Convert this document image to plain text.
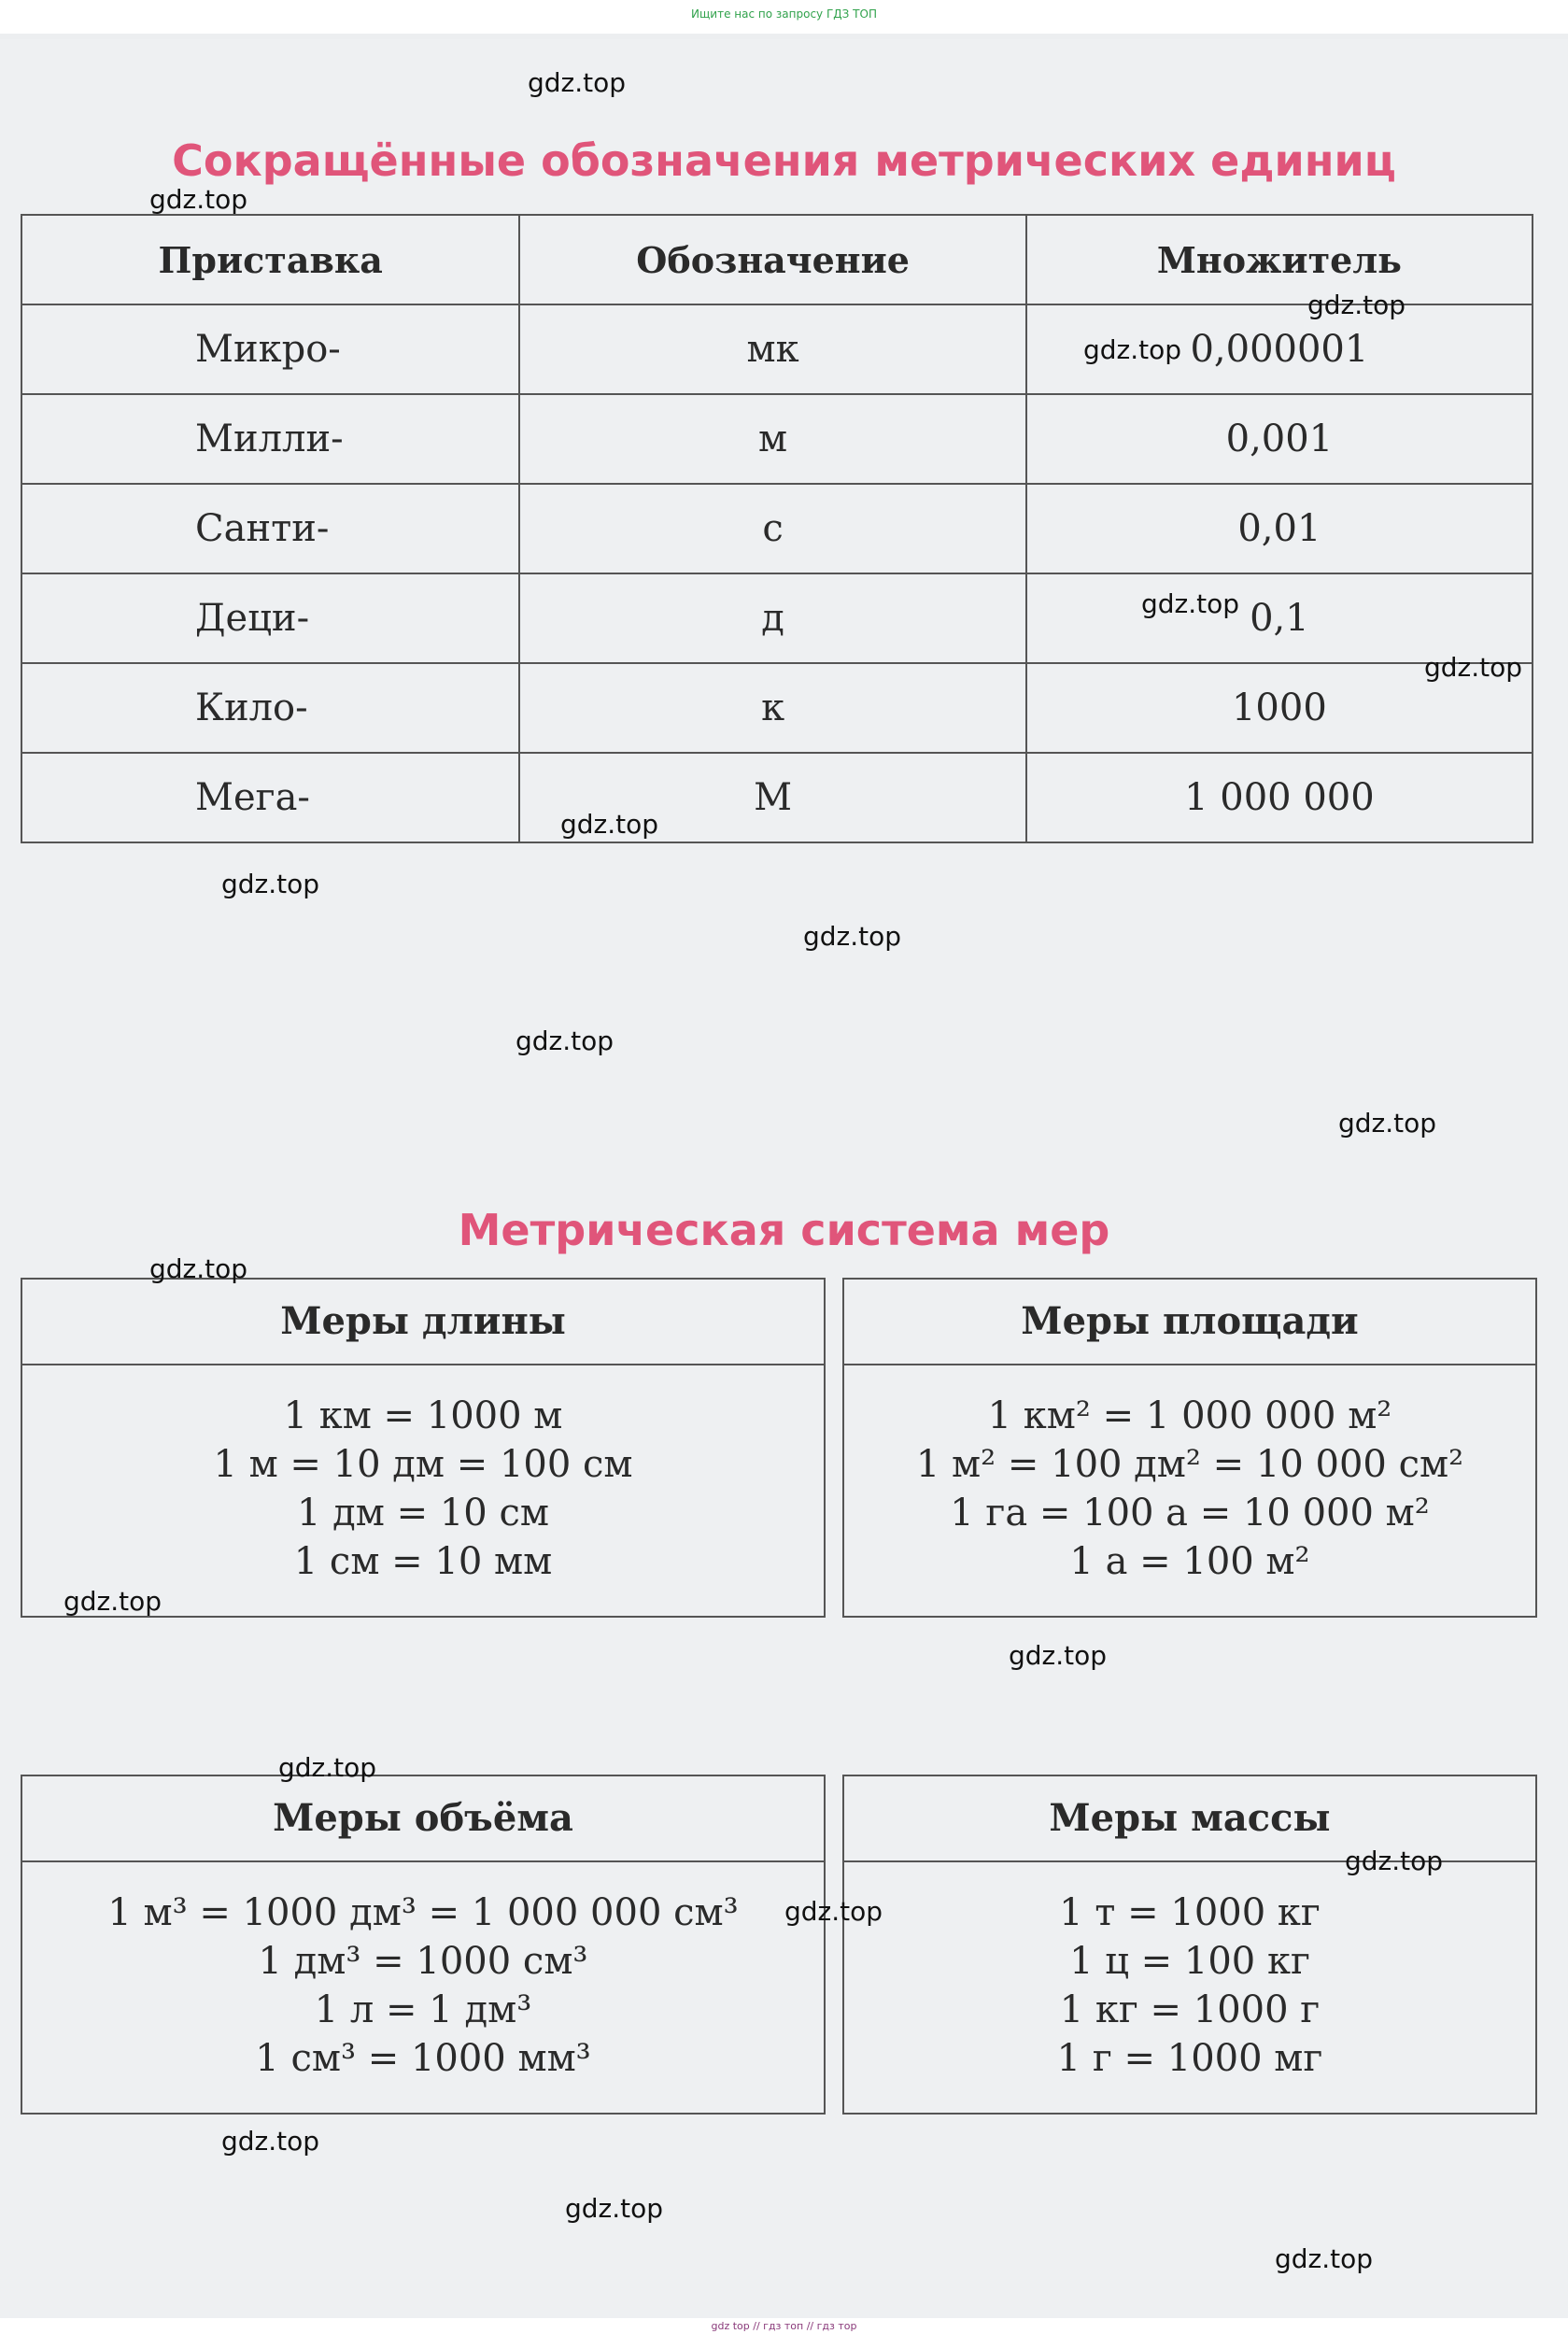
Ищите нас по запросу ГДЗ ТОП
Сокращённые обозначения метрических единиц
Приставка	Обозначение	Множитель
Микро-	мк	0,000001
Милли-	м	0,001
Санти-	с	0,01
Деци-	д	0,1
Кило-	к	1000
Мега-	М	1 000 000
Метрическая система мер
Меры длины
1 км = 1000 м
1 м = 10 дм = 100 см
1 дм = 10 см
1 см = 10 мм
Меры площади
1 км² = 1 000 000 м²
1 м² = 100 дм² = 10 000 см²
1 га = 100 а = 10 000 м²
1 а = 100 м²
Меры объёма
1 м³ = 1000 дм³ = 1 000 000 см³
1 дм³ = 1000 см³
1 л = 1 дм³
1 см³ = 1000 мм³
Меры массы
1 т = 1000 кг
1 ц = 100 кг
1 кг = 1000 г
1 г = 1000 мг
gdz.top
gdz.top
gdz.top
gdz.top
gdz.top
gdz.top
gdz.top
gdz.top
gdz.top
gdz.top
gdz.top
gdz.top
gdz.top
gdz.top
gdz.top
gdz.top
gdz.top
gdz.top
gdz.top
gdz.top
gdz top // гдз топ // гдз тор
